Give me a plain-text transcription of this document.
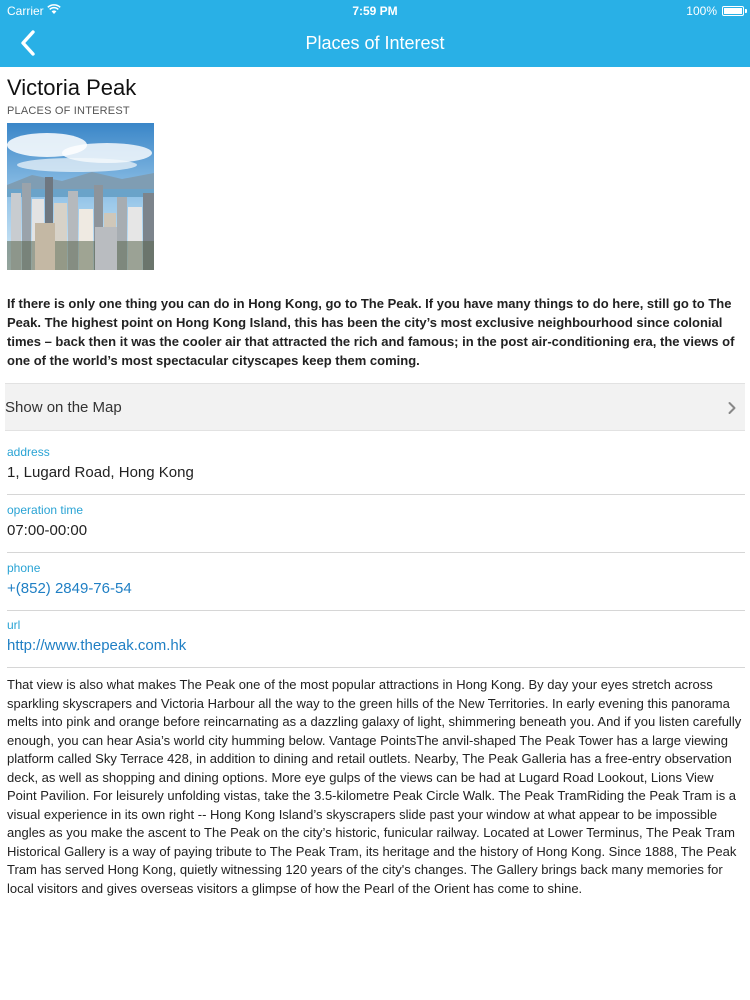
Carrier	7:59 PM	100%
Places of Interest
Victoria Peak
PLACES OF INTEREST
If there is only one thing you can do in Hong Kong, go to The Peak. If you have many things to do here, still go to The Peak. The highest point on Hong Kong Island, this has been the city’s most exclusive neighbourhood since colonial times – back then it was the cooler air that attracted the rich and famous; in the post air-conditioning era, the views of one of the world’s most spectacular cityscapes keep them coming.
Show on the Map
address
1, Lugard Road, Hong Kong
operation time
07:00-00:00
phone
+(852) 2849-76-54
url
http://www.thepeak.com.hk
That view is also what makes The Peak one of the most popular attractions in Hong Kong. By day your eyes stretch across sparkling skyscrapers and Victoria Harbour all the way to the green hills of the New Territories. In early evening this panorama melts into pink and orange before reincarnating as a dazzling galaxy of light, shimmering beneath you. And if you listen carefully enough, you can hear Asia’s world city humming below. Vantage PointsThe anvil-shaped The Peak Tower has a large viewing platform called Sky Terrace 428, in addition to dining and retail outlets. Nearby, The Peak Galleria has a free-entry observation deck, as well as shopping and dining options. More eye gulps of the views can be had at Lugard Road Lookout, Lions View Point Pavilion. For leisurely unfolding vistas, take the 3.5-kilometre Peak Circle Walk. The Peak TramRiding the Peak Tram is a visual experience in its own right -- Hong Kong Island’s skyscrapers slide past your window at what appear to be impossible angles as you make the ascent to The Peak on the city’s historic, funicular railway. Located at Lower Terminus, The Peak Tram Historical Gallery is a way of paying tribute to The Peak Tram, its heritage and the history of Hong Kong. Since 1888, The Peak Tram has served Hong Kong, quietly witnessing 120 years of the city's changes. The Gallery brings back many memories for local visitors and gives overseas visitors a glimpse of how the Pearl of the Orient has come to shine.
